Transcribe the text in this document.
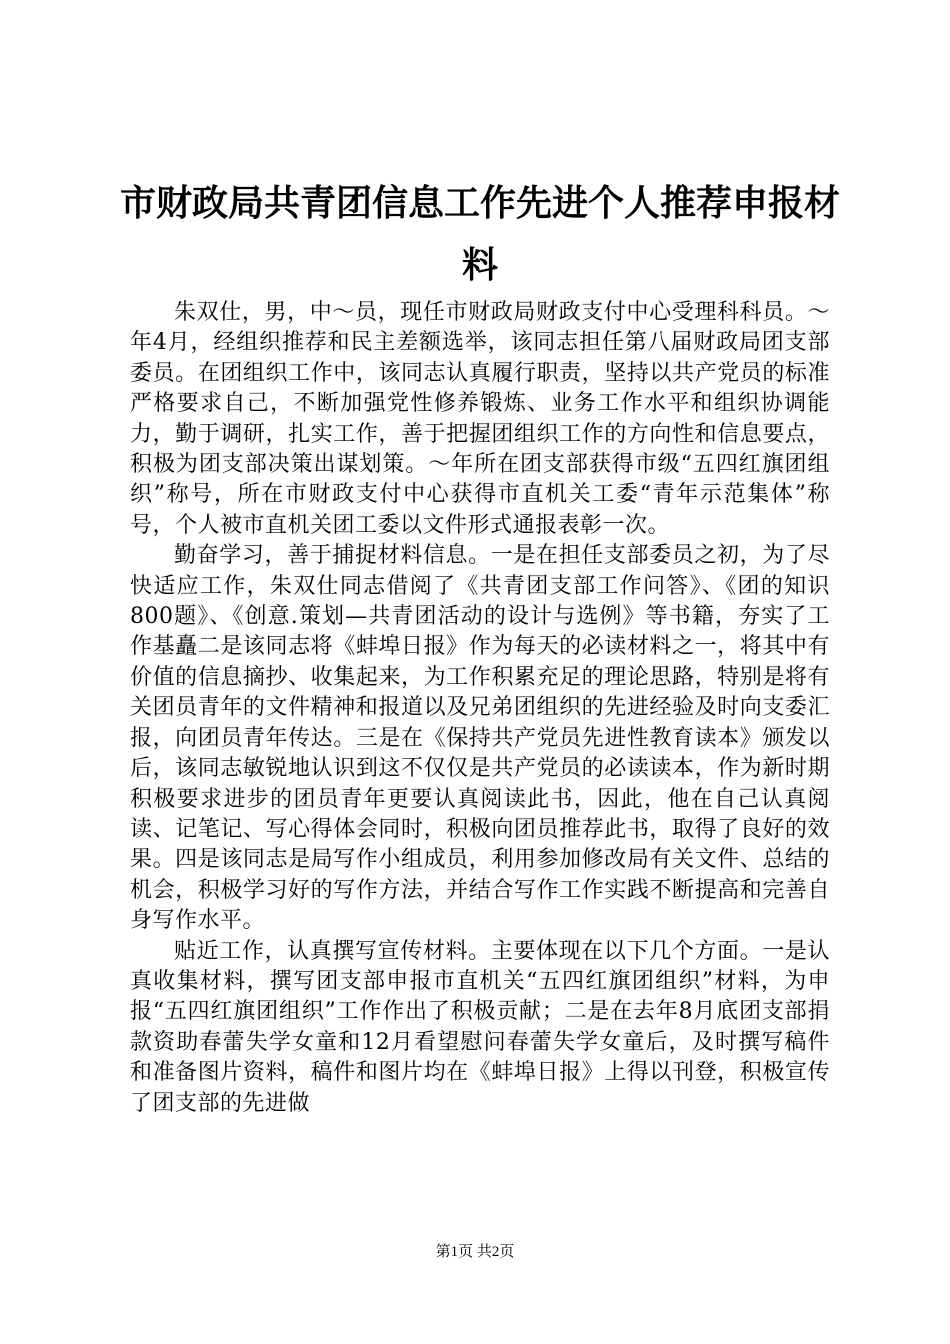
市财政局共青团信息工作先进个人推荐申报材料

朱双仕，男，中～员，现任市财政局财政支付中心受理科科员。～年4月，经组织推荐和民主差额选举，该同志担任第八届财政局团支部委员。在团组织工作中，该同志认真履行职责，坚持以共产党员的标准严格要求自己，不断加强党性修养锻炼、业务工作水平和组织协调能力，勤于调研，扎实工作，善于把握团组织工作的方向性和信息要点，积极为团支部决策出谋划策。～年所在团支部获得市级“五四红旗团组织”称号，所在市财政支付中心获得市直机关工委“青年示范集体”称号，个人被市直机关团工委以文件形式通报表彰一次。

勤奋学习，善于捕捉材料信息。一是在担任支部委员之初，为了尽快适应工作，朱双仕同志借阅了《共青团支部工作问答》、《团的知识800题》、《创意.策划—共青团活动的设计与选例》等书籍，夯实了工作基矗二是该同志将《蚌埠日报》作为每天的必读材料之一，将其中有价值的信息摘抄、收集起来，为工作积累充足的理论思路，特别是将有关团员青年的文件精神和报道以及兄弟团组织的先进经验及时向支委汇报，向团员青年传达。三是在《保持共产党员先进性教育读本》颁发以后，该同志敏锐地认识到这不仅仅是共产党员的必读读本，作为新时期积极要求进步的团员青年更要认真阅读此书，因此，他在自己认真阅读、记笔记、写心得体会同时，积极向团员推荐此书，取得了良好的效果。四是该同志是局写作小组成员，利用参加修改局有关文件、总结的机会，积极学习好的写作方法，并结合写作工作实践不断提高和完善自身写作水平。

贴近工作，认真撰写宣传材料。主要体现在以下几个方面。一是认真收集材料，撰写团支部申报市直机关“五四红旗团组织”材料，为申报“五四红旗团组织”工作作出了积极贡献；二是在去年8月底团支部捐款资助春蕾失学女童和12月看望慰问春蕾失学女童后，及时撰写稿件和准备图片资料，稿件和图片均在《蚌埠日报》上得以刊登，积极宣传了团支部的先进做

第1页 共2页
